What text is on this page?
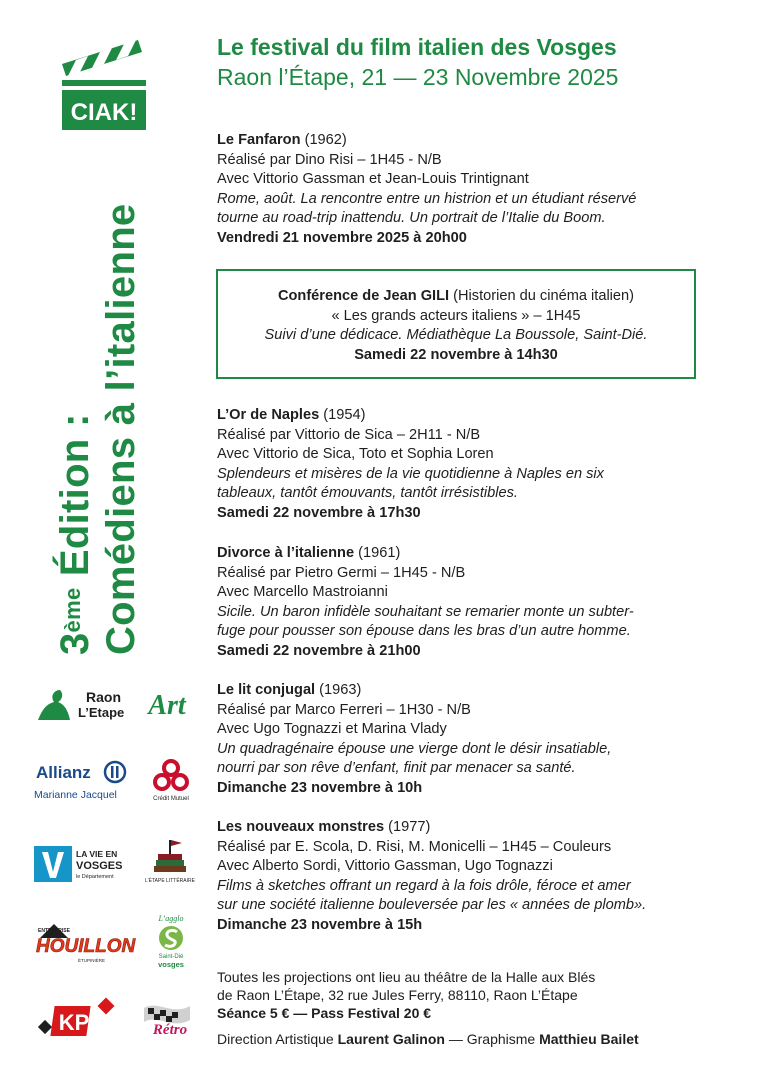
CIAK!
3ème Édition : Comédiens à l’italienne
Le festival du film italien des Vosges
Raon l’Étape, 21 — 23 Novembre 2025
Le Fanfaron (1962)
Réalisé par Dino Risi – 1H45 - N/B
Avec Vittorio Gassman et Jean-Louis Trintignant
Rome, août. La rencontre entre un histrion et un étudiant réservé
tourne au road-trip inattendu. Un portrait de l’Italie du Boom.
Vendredi 21 novembre 2025 à 20h00
Conférence de Jean GILI (Historien du cinéma italien)
« Les grands acteurs italiens » – 1H45
Suivi d’une dédicace. Médiathèque La Boussole, Saint-Dié.
Samedi 22 novembre à 14h30
L’Or de Naples (1954)
Réalisé par Vittorio de Sica – 2H11 - N/B
Avec Vittorio de Sica, Toto et Sophia Loren
Splendeurs et misères de la vie quotidienne à Naples en six
tableaux, tantôt émouvants, tantôt irrésistibles.
Samedi 22 novembre à 17h30
Divorce à l’italienne (1961)
Réalisé par Pietro Germi – 1H45 - N/B
Avec Marcello Mastroianni
Sicile. Un baron infidèle souhaitant se remarier monte un subter-
fuge pour pousser son épouse dans les bras d’un autre homme.
Samedi 22 novembre à 21h00
Le lit conjugal (1963)
Réalisé par Marco Ferreri – 1H30 - N/B
Avec Ugo Tognazzi et Marina Vlady
Un quadragénaire épouse une vierge dont le désir insatiable,
nourri par son rêve d’enfant, finit par menacer sa santé.
Dimanche 23 novembre à 10h
Les nouveaux monstres (1977)
Réalisé par E. Scola, D. Risi, M. Monicelli – 1H45 – Couleurs
Avec Alberto Sordi, Vittorio Gassman, Ugo Tognazzi
Films à sketches offrant un regard à la fois drôle, féroce et amer
sur une société italienne bouleversée par les « années de plomb».
Dimanche 23 novembre à 15h
Toutes les projections ont lieu au théâtre de la Halle aux Blés
de Raon L’Étape, 32 rue Jules Ferry, 88110, Raon L’Étape
Séance 5 € — Pass Festival 20 €
Direction Artistique Laurent Galinon — Graphisme Matthieu Bailet
Raon
L’Etape Art
Allianz
Marianne Jacquel	Crédit Mutuel
LA VIE EN
VOSGES
le Département
L’ÉTAPE LITTÉRAIRE
ENTREPRISE
HOUILLON
ÉTUPINIÈRE
L’agglo
Saint-Dié
vosges
KP	Rétro
